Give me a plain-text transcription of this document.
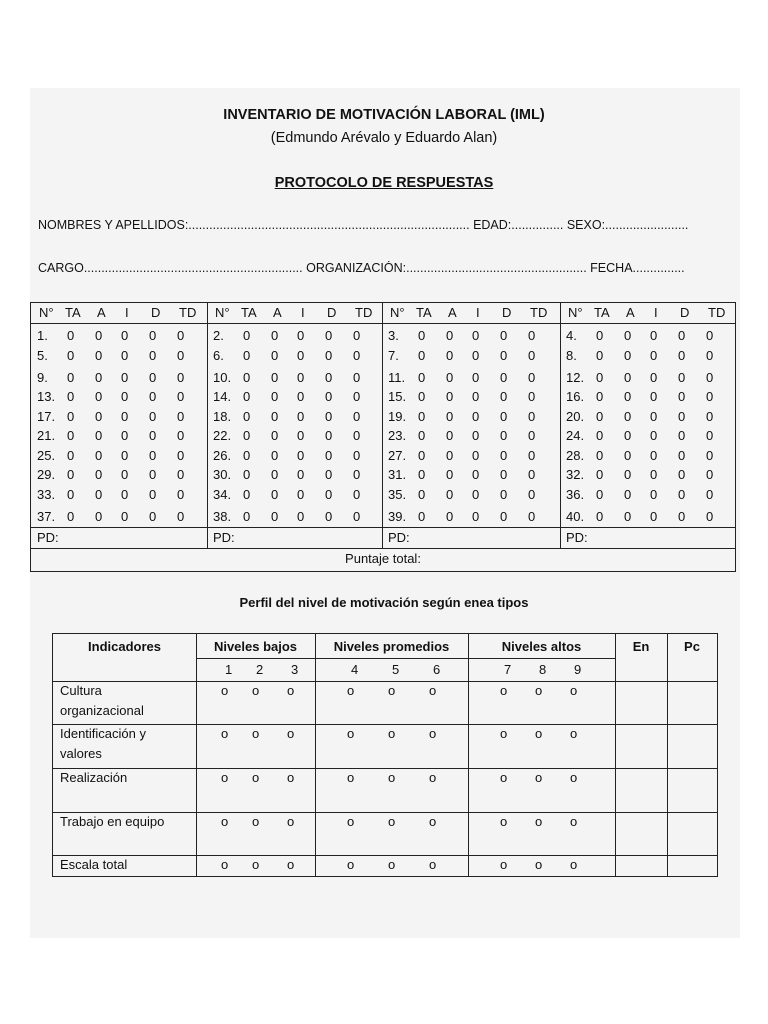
INVENTARIO DE MOTIVACIÓN LABORAL (IML)
(Edmundo Arévalo y Eduardo Alan)
PROTOCOLO DE RESPUESTAS
NOMBRES Y APELLIDOS:................................................................................. EDAD:............... SEXO:........................
CARGO............................................................... ORGANIZACIÓN:.................................................... FECHA...............
N° TA A I D TD
1. 0 0 0 0 0
5. 0 0 0 0 0
9. 0 0 0 0 0
13. 0 0 0 0 0
17. 0 0 0 0 0
21. 0 0 0 0 0
25. 0 0 0 0 0
29. 0 0 0 0 0
33. 0 0 0 0 0
37. 0 0 0 0 0
PD:
N° TA A I D TD
2. 0 0 0 0 0
6. 0 0 0 0 0
10. 0 0 0 0 0
14. 0 0 0 0 0
18. 0 0 0 0 0
22. 0 0 0 0 0
26. 0 0 0 0 0
30. 0 0 0 0 0
34. 0 0 0 0 0
38. 0 0 0 0 0
PD:
N° TA A I D TD
3. 0 0 0 0 0
7. 0 0 0 0 0
11. 0 0 0 0 0
15. 0 0 0 0 0
19. 0 0 0 0 0
23. 0 0 0 0 0
27. 0 0 0 0 0
31. 0 0 0 0 0
35. 0 0 0 0 0
39. 0 0 0 0 0
PD:
N° TA A I D TD
4. 0 0 0 0 0
8. 0 0 0 0 0
12. 0 0 0 0 0
16. 0 0 0 0 0
20. 0 0 0 0 0
24. 0 0 0 0 0
28. 0 0 0 0 0
32. 0 0 0 0 0
36. 0 0 0 0 0
40. 0 0 0 0 0
PD:
Puntaje total:
Perfil del nivel de motivación según enea tipos
Indicadores	Niveles bajos	Niveles promedios	Niveles altos	En	Pc
1 2 3	4	5	6	7 8 9
Cultura
organizacional
o o o	o	o	o	o o o
Identificación y
valores
o o o	o	o	o	o o o
Realización	o o o	o	o	o	o o o
Trabajo en equipo	o o o	o	o	o	o o o
Escala total	o o o	o	o	o	o o o
